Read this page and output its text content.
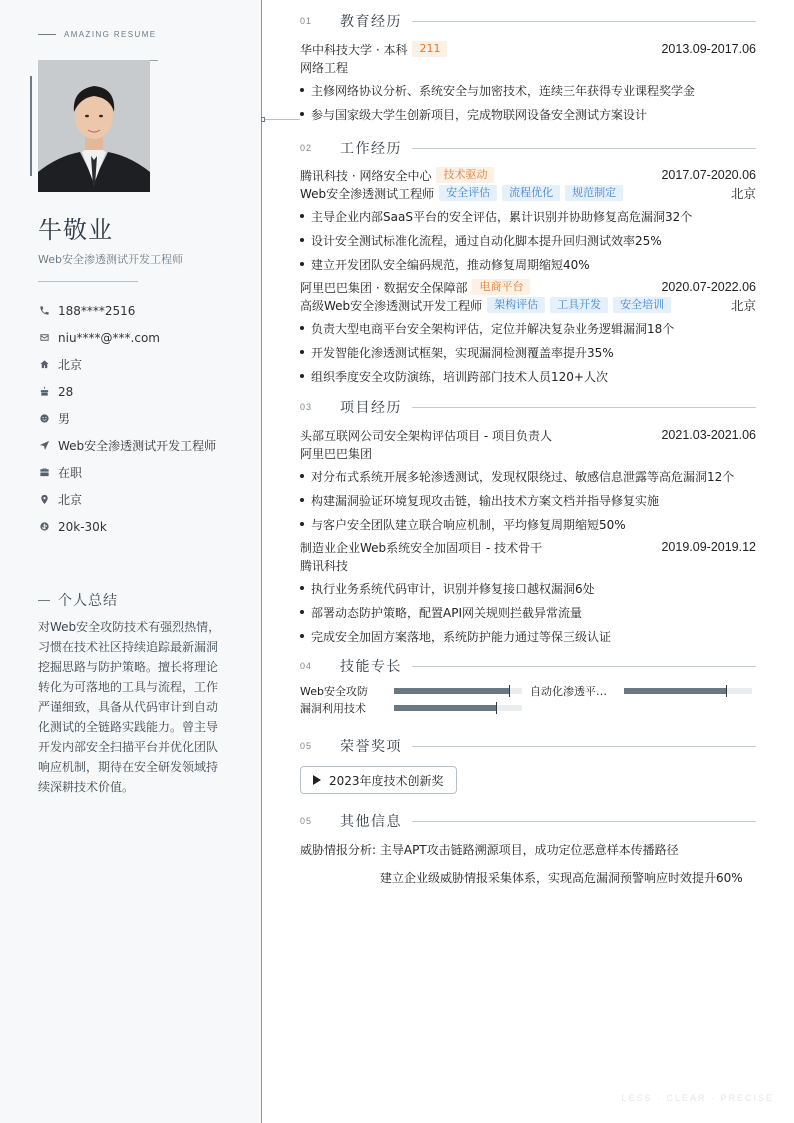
AMAZING RESUME
牛敬业
Web安全渗透测试开发工程师
188****2516
niu****@***.com
北京
28
男
Web安全渗透测试开发工程师
在职
北京
20k-30k
个人总结
对Web安全攻防技术有强烈热情，习惯在技术社区持续追踪最新漏洞挖掘思路与防护策略。擅长将理论转化为可落地的工具与流程，工作严谨细致，具备从代码审计到自动化测试的全链路实践能力。曾主导开发内部安全扫描平台并优化团队响应机制，期待在安全研发领域持续深耕技术价值。
01	教育经历
华中科技大学 · 本科	211	2013.09-2017.06
网络工程
主修网络协议分析、系统安全与加密技术，连续三年获得专业课程奖学金
参与国家级大学生创新项目，完成物联网设备安全测试方案设计
02	工作经历
腾讯科技 · 网络安全中心	技术驱动	2017.07-2020.06
Web安全渗透测试工程师	安全评估	流程优化	规范制定	北京
主导企业内部SaaS平台的安全评估，累计识别并协助修复高危漏洞32个
设计安全测试标准化流程，通过自动化脚本提升回归测试效率25%
建立开发团队安全编码规范，推动修复周期缩短40%
阿里巴巴集团 · 数据安全保障部	电商平台	2020.07-2022.06
高级Web安全渗透测试开发工程师	架构评估	工具开发	安全培训	北京
负责大型电商平台安全架构评估，定位并解决复杂业务逻辑漏洞18个
开发智能化渗透测试框架，实现漏洞检测覆盖率提升35%
组织季度安全攻防演练，培训跨部门技术人员120+人次
03	项目经历
头部互联网公司安全架构评估项目 - 项目负责人	2021.03-2021.06
阿里巴巴集团
对分布式系统开展多轮渗透测试，发现权限绕过、敏感信息泄露等高危漏洞12个
构建漏洞验证环境复现攻击链，输出技术方案文档并指导修复实施
与客户安全团队建立联合响应机制，平均修复周期缩短50%
制造业企业Web系统安全加固项目 - 技术骨干	2019.09-2019.12
腾讯科技
执行业务系统代码审计，识别并修复接口越权漏洞6处
部署动态防护策略，配置API网关规则拦截异常流量
完成安全加固方案落地，系统防护能力通过等保三级认证
04	技能专长
Web安全攻防	自动化渗透平…
漏洞利用技术
05	荣誉奖项
2023年度技术创新奖
05	其他信息
威胁情报分析: 主导APT攻击链路溯源项目，成功定位恶意样本传播路径
建立企业级威胁情报采集体系，实现高危漏洞预警响应时效提升60%
LESS · CLEAR · PRECISE
